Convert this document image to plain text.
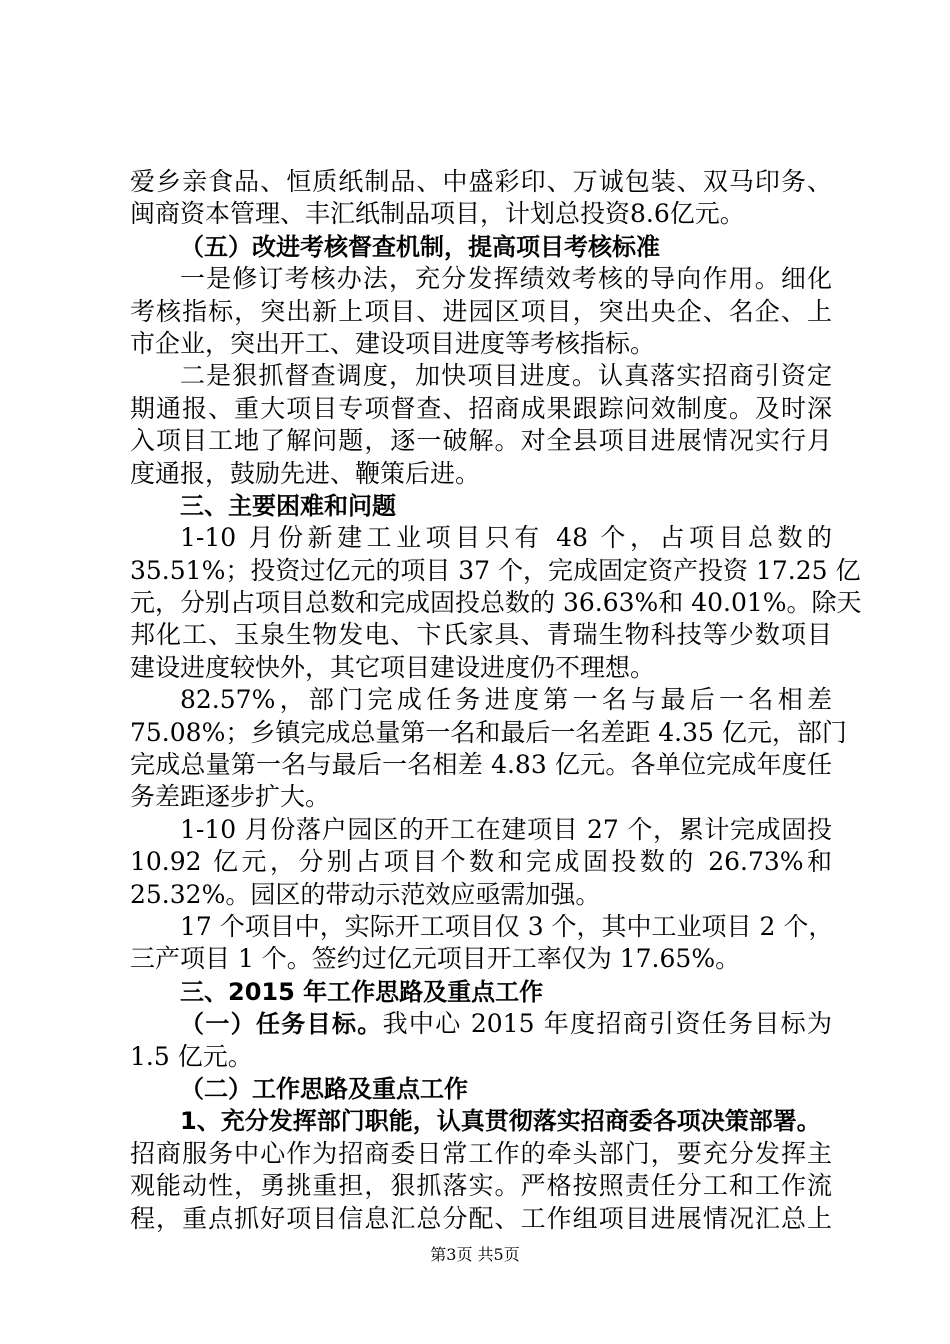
爱乡亲食品、恒质纸制品、中盛彩印、万诚包装、双马印务、
闽商资本管理、丰汇纸制品项目，计划总投资8.6亿元。
（五）改进考核督查机制，提高项目考核标准
一是修订考核办法，充分发挥绩效考核的导向作用。细化
考核指标，突出新上项目、进园区项目，突出央企、名企、上
市企业，突出开工、建设项目进度等考核指标。
二是狠抓督查调度，加快项目进度。认真落实招商引资定
期通报、重大项目专项督查、招商成果跟踪问效制度。及时深
入项目工地了解问题，逐一破解。对全县项目进展情况实行月
度通报，鼓励先进、鞭策后进。
三、主要困难和问题
1-10 月份新建工业项目只有 48 个，占项目总数的
35.51%；投资过亿元的项目 37 个，完成固定资产投资 17.25 亿
元，分别占项目总数和完成固投总数的 36.63%和 40.01%。除天
邦化工、玉泉生物发电、卞氏家具、青瑞生物科技等少数项目
建设进度较快外，其它项目建设进度仍不理想。
82.57%，部门完成任务进度第一名与最后一名相差
75.08%；乡镇完成总量第一名和最后一名差距 4.35 亿元，部门
完成总量第一名与最后一名相差 4.83 亿元。各单位完成年度任
务差距逐步扩大。
1-10 月份落户园区的开工在建项目 27 个，累计完成固投
10.92 亿元，分别占项目个数和完成固投数的 26.73%和
25.32%。园区的带动示范效应亟需加强。
17 个项目中，实际开工项目仅 3 个，其中工业项目 2 个，
三产项目 1 个。签约过亿元项目开工率仅为 17.65%。
三、2015 年工作思路及重点工作
（一）任务目标。我中心 2015 年度招商引资任务目标为
1.5 亿元。
（二）工作思路及重点工作
1、充分发挥部门职能，认真贯彻落实招商委各项决策部署。
招商服务中心作为招商委日常工作的牵头部门，要充分发挥主
观能动性，勇挑重担，狠抓落实。严格按照责任分工和工作流
程，重点抓好项目信息汇总分配、工作组项目进展情况汇总上
第3页 共5页
